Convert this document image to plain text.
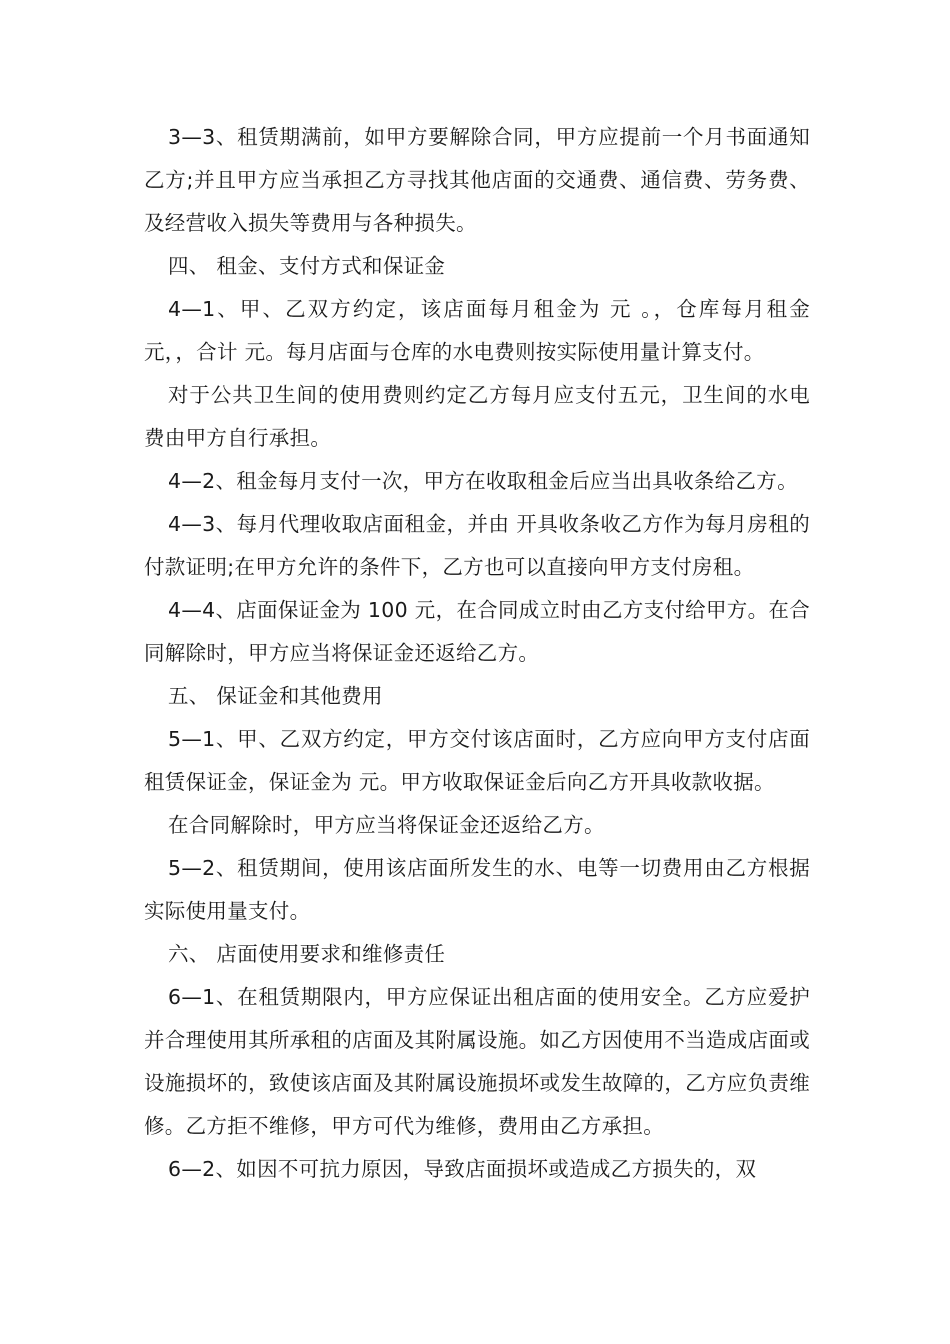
3—3、租赁期满前，如甲方要解除合同，甲方应提前一个月书面通知乙方;并且甲方应当承担乙方寻找其他店面的交通费、通信费、劳务费、及经营收入损失等费用与各种损失。

四、 租金、支付方式和保证金

4—1、甲、乙双方约定，该店面每月租金为 元 。，仓库每月租金 元，，合计 元。每月店面与仓库的水电费则按实际使用量计算支付。

对于公共卫生间的使用费则约定乙方每月应支付五元，卫生间的水电费由甲方自行承担。

4—2、租金每月支付一次，甲方在收取租金后应当出具收条给乙方。

4—3、每月代理收取店面租金，并由 开具收条收乙方作为每月房租的付款证明;在甲方允许的条件下，乙方也可以直接向甲方支付房租。

4—4、店面保证金为 100 元，在合同成立时由乙方支付给甲方。在合同解除时，甲方应当将保证金还返给乙方。

五、 保证金和其他费用

5—1、甲、乙双方约定，甲方交付该店面时，乙方应向甲方支付店面租赁保证金，保证金为 元。甲方收取保证金后向乙方开具收款收据。

在合同解除时，甲方应当将保证金还返给乙方。

5—2、租赁期间，使用该店面所发生的水、电等一切费用由乙方根据实际使用量支付。

六、 店面使用要求和维修责任

6—1、在租赁期限内，甲方应保证出租店面的使用安全。乙方应爱护并合理使用其所承租的店面及其附属设施。如乙方因使用不当造成店面或设施损坏的，致使该店面及其附属设施损坏或发生故障的，乙方应负责维修。乙方拒不维修，甲方可代为维修，费用由乙方承担。

6—2、如因不可抗力原因，导致店面损坏或造成乙方损失的，双
